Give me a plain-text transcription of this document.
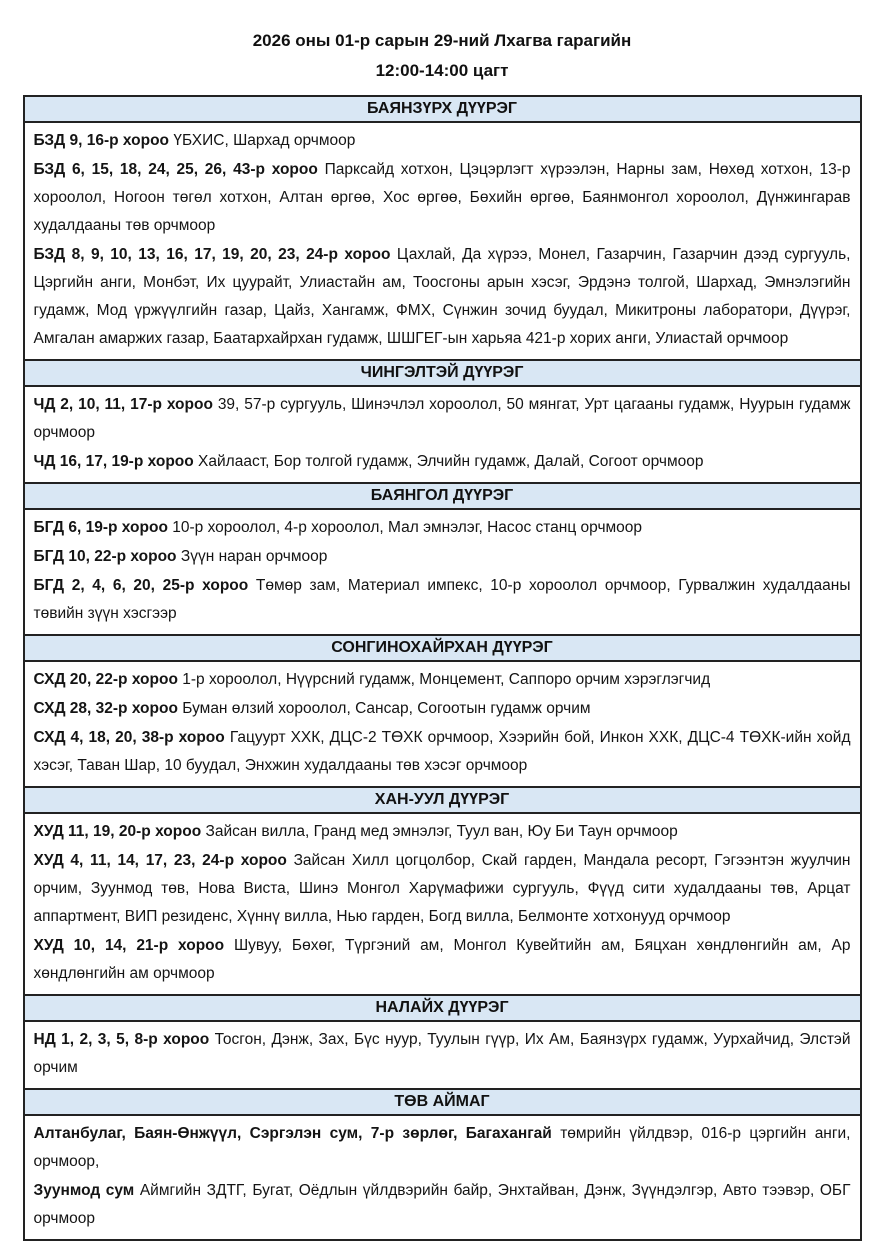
2026 оны 01-р сарын 29-ний Лхагва гарагийн
12:00-14:00 цагт
БАЯНЗҮРХ ДҮҮРЭГ

БЗД 9, 16-р хороо ҮБХИС, Шархад орчмоор

БЗД 6, 15, 18, 24, 25, 26, 43-р хороо Парксайд хотхон, Цэцэрлэгт хүрээлэн, Нарны зам, Нөхөд хотхон, 13-р хороолол, Ногоон төгөл хотхон, Алтан өргөө, Хос өргөө, Бөхийн өргөө, Баянмонгол хороолол, Дүнжингарав худалдааны төв орчмоор

БЗД 8, 9, 10, 13, 16, 17, 19, 20, 23, 24-р хороо Цахлай, Да хүрээ, Монел, Газарчин, Газарчин дээд сургууль, Цэргийн анги, Монбэт, Их цуурайт, Улиастайн ам, Тоосгоны арын хэсэг, Эрдэнэ толгой, Шархад, Эмнэлэгийн гудамж, Мод үржүүлгийн газар, Цайз, Хангамж, ФМХ, Сүнжин зочид буудал, Микитроны лаборатори, Дүүрэг, Амгалан амаржих газар, Баатархайрхан гудамж, ШШГЕГ-ын харьяа 421-р хорих анги, Улиастай орчмоор

ЧИНГЭЛТЭЙ ДҮҮРЭГ

ЧД 2, 10, 11, 17-р хороо 39, 57-р сургууль, Шинэчлэл хороолол, 50 мянгат, Урт цагааны гудамж, Нуурын гудамж орчмоор

ЧД 16, 17, 19-р хороо Хайлааст, Бор толгой гудамж, Элчийн гудамж, Далай, Согоот орчмоор

БАЯНГОЛ ДҮҮРЭГ

БГД 6, 19-р хороо 10-р хороолол, 4-р хороолол, Мал эмнэлэг, Насос станц орчмоор

БГД 10, 22-р хороо Зүүн наран орчмоор

БГД 2, 4, 6, 20, 25-р хороо Төмөр зам, Материал импекс, 10-р хороолол орчмоор, Гурвалжин худалдааны төвийн зүүн хэсгээр

СОНГИНОХАЙРХАН ДҮҮРЭГ

СХД 20, 22-р хороо 1-р хороолол, Нүүрсний гудамж, Монцемент, Саппоро орчим хэрэглэгчид

СХД 28, 32-р хороо Буман өлзий хороолол, Сансар, Согоотын гудамж орчим

СХД 4, 18, 20, 38-р хороо Гацуурт ХХК, ДЦС-2 ТӨХК орчмоор, Хээрийн бой, Инкон ХХК, ДЦС-4 ТӨХК-ийн хойд хэсэг, Таван Шар, 10 буудал, Энхжин худалдааны төв хэсэг орчмоор

ХАН-УУЛ ДҮҮРЭГ

ХУД 11, 19, 20-р хороо Зайсан вилла, Гранд мед эмнэлэг, Туул ван, Юу Би Таун орчмоор

ХУД 4, 11, 14, 17, 23, 24-р хороо Зайсан Хилл цогцолбор, Скай гарден, Мандала ресорт, Гэгээнтэн жуулчин орчим, Зуунмод төв, Нова Виста, Шинэ Монгол Харүмафижи сургууль, Фүүд сити худалдааны төв, Арцат аппартмент, ВИП резиденс, Хүннү вилла, Нью гарден, Богд вилла, Белмонте хотхонууд орчмоор

ХУД 10, 14, 21-р хороо Шувуу, Бөхөг, Түргэний ам, Монгол Кувейтийн ам, Бяцхан хөндлөнгийн ам, Ар хөндлөнгийн ам орчмоор

НАЛАЙХ ДҮҮРЭГ

НД 1, 2, 3, 5, 8-р хороо Тосгон, Дэнж, Зах, Бүс нуур, Туулын гүүр, Их Ам, Баянзүрх гудамж, Уурхайчид, Элстэй орчим

ТӨВ АЙМАГ

Алтанбулаг, Баян-Өнжүүл, Сэргэлэн сум, 7-р зөрлөг, Багахангай төмрийн үйлдвэр, 016-р цэргийн анги, орчмоор,

Зуунмод сум Аймгийн ЗДТГ, Бугат, Оёдлын үйлдвэрийн байр, Энхтайван, Дэнж, Зүүндэлгэр, Авто тээвэр, ОБГ орчмоор
